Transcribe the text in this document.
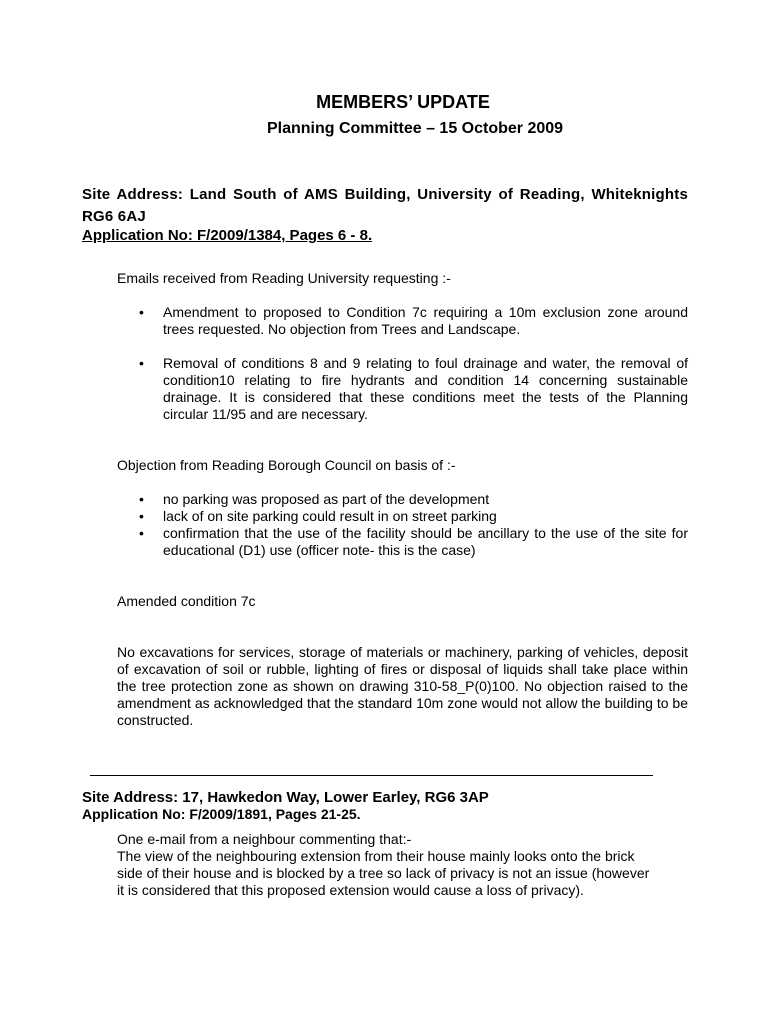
MEMBERS’ UPDATE
Planning Committee – 15 October 2009
Site Address: Land South of AMS Building, University of Reading, Whiteknights RG6 6AJ
Application No: F/2009/1384, Pages 6 - 8.
Emails received from Reading University requesting :-
• Amendment to proposed to Condition 7c requiring a 10m exclusion zone around trees requested. No objection from Trees and Landscape.
• Removal of conditions 8 and 9 relating to foul drainage and water, the removal of condition10 relating to fire hydrants and condition 14 concerning sustainable drainage. It is considered that these conditions meet the tests of the Planning circular 11/95 and are necessary.
Objection from Reading Borough Council on basis of :-
• no parking was proposed as part of the development
• lack of on site parking could result in on street parking
• confirmation that the use of the facility should be ancillary to the use of the site for educational (D1) use (officer note- this is the case)
Amended condition 7c
No excavations for services, storage of materials or machinery, parking of vehicles, deposit of excavation of soil or rubble, lighting of fires or disposal of liquids shall take place within the tree protection zone as shown on drawing 310-58_P(0)100. No objection raised to the amendment as acknowledged that the standard 10m zone would not allow the building to be constructed.
Site Address: 17, Hawkedon Way, Lower Earley, RG6 3AP
Application No: F/2009/1891, Pages 21-25.
One e-mail from a neighbour commenting that:-
The view of the neighbouring extension from their house mainly looks onto the brick side of their house and is blocked by a tree so lack of privacy is not an issue (however it is considered that this proposed extension would cause a loss of privacy).
